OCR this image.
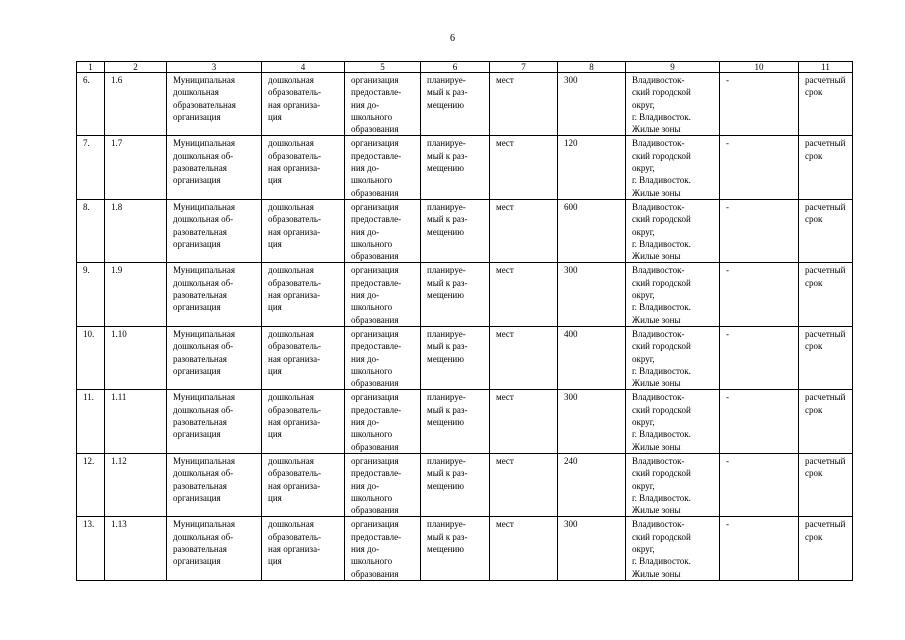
6
1	2	3	4	5	6	7	8	9	10	11
6.	1.6	Муниципальная
дошкольная
образовательная
организация	дошкольная
образователь-
ная организа-
ция	организация
предоставле-
ния до-
школьного
образования	планируе-
мый к раз-
мещению	мест	300	Владивосток-
ский городской
округ,
г. Владивосток.
Жилые зоны	-	расчетный
срок
7.	1.7	Муниципальная
дошкольная об-
разовательная
организация	дошкольная
образователь-
ная организа-
ция	организация
предоставле-
ния до-
школьного
образования	планируе-
мый к раз-
мещению	мест	120	Владивосток-
ский городской
округ,
г. Владивосток.
Жилые зоны	-	расчетный
срок
8.	1.8	Муниципальная
дошкольная об-
разовательная
организация	дошкольная
образователь-
ная организа-
ция	организация
предоставле-
ния до-
школьного
образования	планируе-
мый к раз-
мещению	мест	600	Владивосток-
ский городской
округ,
г. Владивосток.
Жилые зоны	-	расчетный
срок
9.	1.9	Муниципальная
дошкольная об-
разовательная
организация	дошкольная
образователь-
ная организа-
ция	организация
предоставле-
ния до-
школьного
образования	планируе-
мый к раз-
мещению	мест	300	Владивосток-
ский городской
округ,
г. Владивосток.
Жилые зоны	-	расчетный
срок
10.	1.10	Муниципальная
дошкольная об-
разовательная
организация	дошкольная
образователь-
ная организа-
ция	организация
предоставле-
ния до-
школьного
образования	планируе-
мый к раз-
мещению	мест	400	Владивосток-
ский городской
округ,
г. Владивосток.
Жилые зоны	-	расчетный
срок
11.	1.11	Муниципальная
дошкольная об-
разовательная
организация	дошкольная
образователь-
ная организа-
ция	организация
предоставле-
ния до-
школьного
образования	планируе-
мый к раз-
мещению	мест	300	Владивосток-
ский городской
округ,
г. Владивосток.
Жилые зоны	-	расчетный
срок
12.	1.12	Муниципальная
дошкольная об-
разовательная
организация	дошкольная
образователь-
ная организа-
ция	организация
предоставле-
ния до-
школьного
образования	планируе-
мый к раз-
мещению	мест	240	Владивосток-
ский городской
округ,
г. Владивосток.
Жилые зоны	-	расчетный
срок
13.	1.13	Муниципальная
дошкольная об-
разовательная
организация	дошкольная
образователь-
ная организа-
ция	организация
предоставле-
ния до-
школьного
образования	планируе-
мый к раз-
мещению	мест	300	Владивосток-
ский городской
округ,
г. Владивосток.
Жилые зоны	-	расчетный
срок
